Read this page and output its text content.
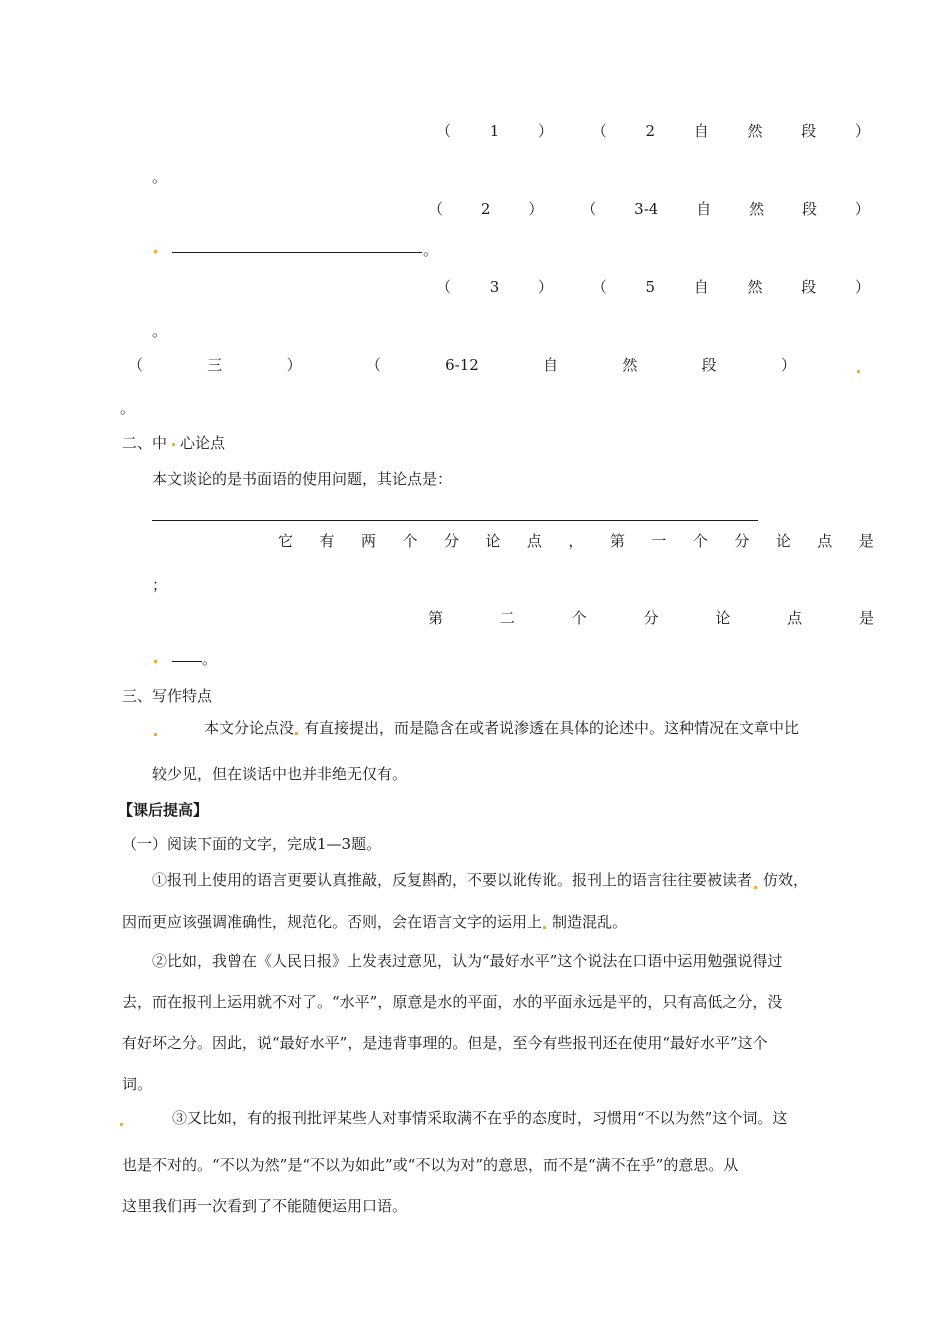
（	1	）	（	2	自	然	段	）
。
（	2	）	（	3-4	自	然	段	）
。
（	3	）	（	5	自	然	段	）
。
（	三	）	（	6-12	自	然	段	）
。
二、中 心论点
本文谈论的是书面语的使用问题，其论点是：
它 有 两 个 分 论 点 ， 第 一 个 分 论 点 是
；
第	二	个	分	论	点	是
。
三、写作特点
本文分论点没 有直接提出，而是隐含在或者说渗透在具体的论述中。这种情况在文章中比
较少见，但在谈话中也并非绝无仅有。
【课后提高】
（一）阅读下面的文字，完成1—3题。
①报刊上使用的语言更要认真推敲，反复斟酌，不要以讹传讹。报刊上的语言往往要被读者 仿效，
因而更应该强调准确性，规范化。否则，会在语言文字的运用上 制造混乱。
②比如，我曾在《人民日报》上发表过意见，认为“最好水平”这个说法在口语中运用勉强说得过
去，而在报刊上运用就不对了。“水平”，原意是水的平面，水的平面永远是平的，只有高低之分，没
有好坏之分。因此，说“最好水平”，是违背事理的。但是，至今有些报刊还在使用“最好水平”这个
词。
③又比如，有的报刊批评某些人对事情采取满不在乎的态度时，习惯用“不以为然”这个词。这
也是不对的。“不以为然”是“不以为如此”或“不以为对”的意思，而不是“满不在乎”的意思。从
这里我们再一次看到了不能随便运用口语。
